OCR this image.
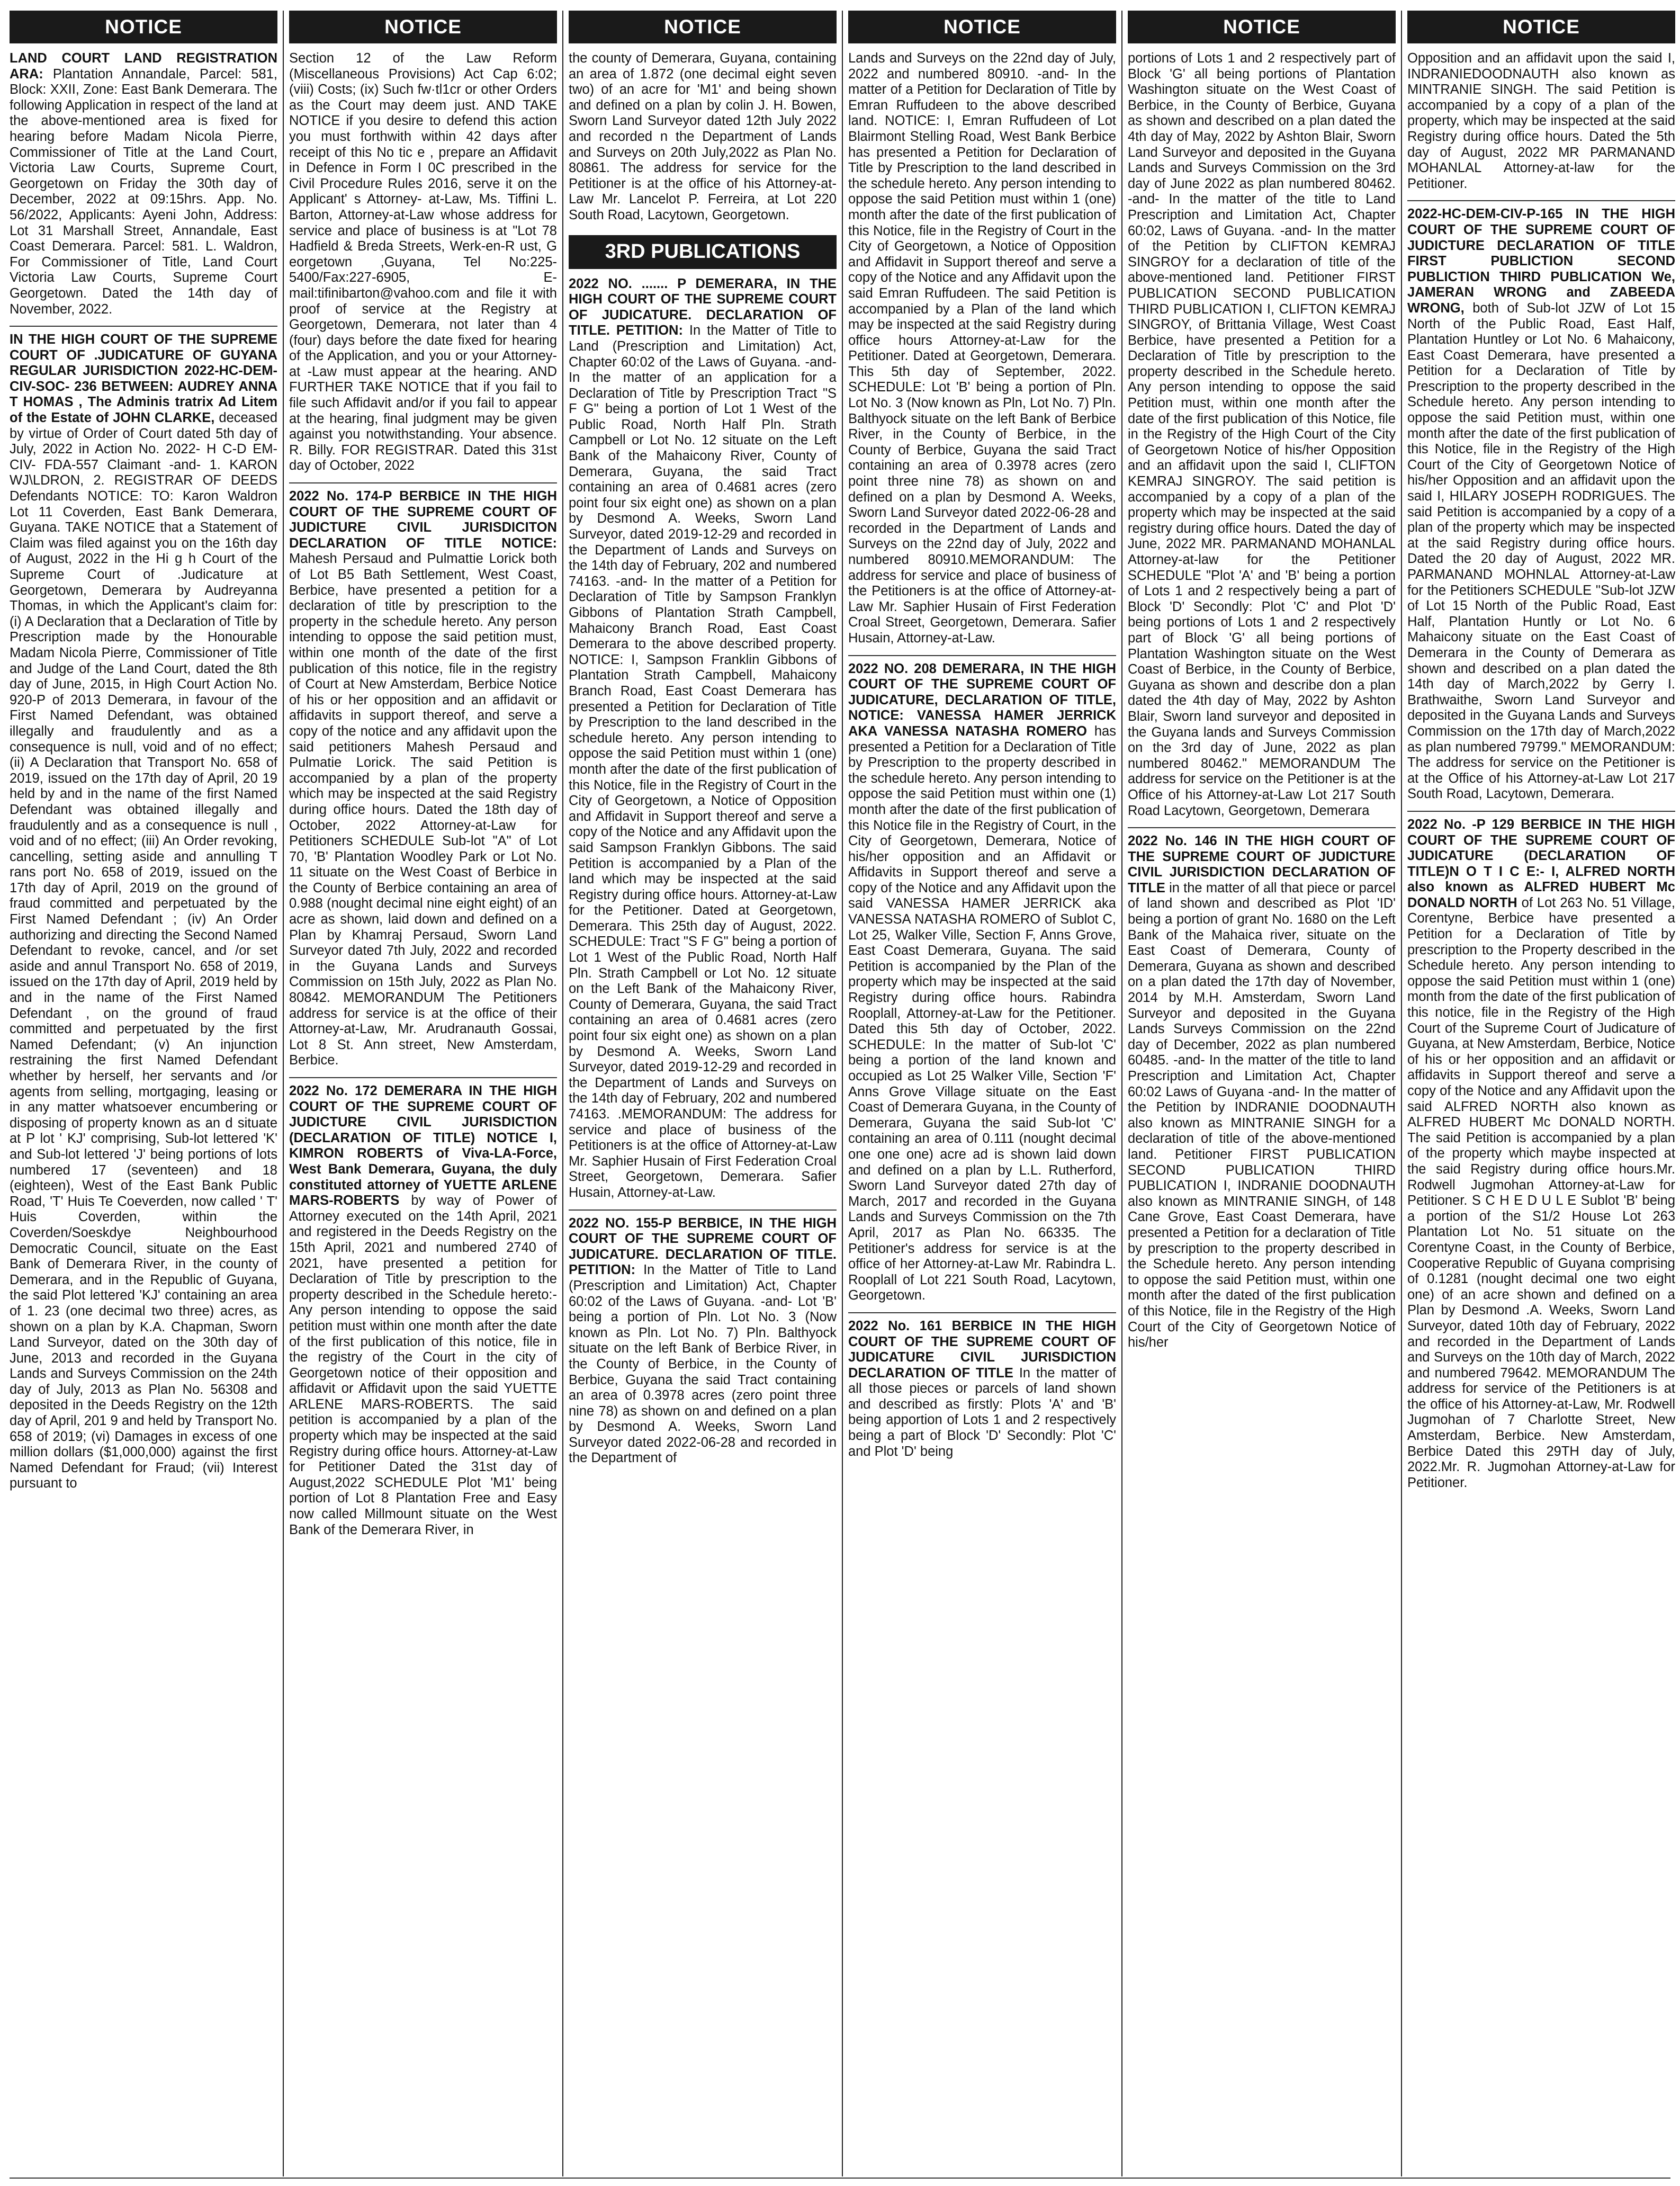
NOTICE

LAND COURT LAND REGISTRATION ARA: Plantation Annandale, Parcel: 581, Block: XXII, Zone: East Bank Demerara. The following Application in respect of the land at the above-mentioned area is fixed for hearing before Madam Nicola Pierre, Commissioner of Title at the Land Court, Victoria Law Courts, Supreme Court, Georgetown on Friday the 30th day of December, 2022 at 09:15hrs. App. No. 56/2022, Applicants: Ayeni John, Address: Lot 31 Marshall Street, Annandale, East Coast Demerara. Parcel: 581. L. Waldron, For Commissioner of Title, Land Court Victoria Law Courts, Supreme Court Georgetown. Dated the 14th day of November, 2022.

IN THE HIGH COURT OF THE SUPREME COURT OF .JUDICATURE OF GUYANA REGULAR JURISDICTION 2022-HC-DEM-CIV-SOC- 236 BETWEEN: AUDREY ANNA T HOMAS , The Adminis tratrix Ad Litem of the Estate of JOHN CLARKE, deceased by virtue of Order of Court dated 5th day of July, 2022 in Action No. 2022- H C-D EM-CIV- FDA-557 Claimant -and- 1. KARON WJ\LDRON, 2. REGISTRAR OF DEEDS Defendants NOTICE: TO: Karon Waldron Lot 11 Coverden, East Bank Demerara, Guyana. TAKE NOTICE that a Statement of Claim was filed against you on the 16th day of August, 2022 in the Hi g h Court of the Supreme Court of .Judicature at Georgetown, Demerara by Audreyanna Thomas, in which the Applicant's claim for: (i) A Declaration that a Declaration of Title by Prescription made by the Honourable Madam Nicola Pierre, Commissioner of Title and Judge of the Land Court, dated the 8th day of June, 2015, in High Court Action No. 920-P of 2013 Demerara, in favour of the First Named Defendant, was obtained illegally and fraudulently and as a consequence is null, void and of no effect; (ii) A Declaration that Transport No. 658 of 2019, issued on the 17th day of April, 20 19 held by and in the name of the first Named Defendant was obtained illegally and fraudulently and as a consequence is null , void and of no effect; (iii) An Order revoking, cancelling, setting aside and annulling T rans port No. 658 of 2019, issued on the 17th day of April, 2019 on the ground of fraud committed and perpetuated by the First Named Defendant ; (iv) An Order authorizing and directing the Second Named Defendant to revoke, cancel, and /or set aside and annul Transport No. 658 of 2019, issued on the 17th day of April, 2019 held by and in the name of the First Named Defendant , on the ground of fraud committed and perpetuated by the first Named Defendant; (v) An injunction restraining the first Named Defendant whether by herself, her servants and /or agents from selling, mortgaging, leasing or in any matter whatsoever encumbering or disposing of property known as an d situate at P lot ' KJ' comprising, Sub-lot lettered 'K' and Sub-lot lettered 'J' being portions of lots numbered 17 (seventeen) and 18 (eighteen), West of the East Bank Public Road, 'T' Huis Te Coeverden, now called ' T' Huis Coverden, within the Coverden/Soeskdye Neighbourhood Democratic Council, situate on the East Bank of Demerara River, in the county of Demerara, and in the Republic of Guyana, the said Plot lettered 'KJ' containing an area of 1. 23 (one decimal two three) acres, as shown on a plan by K.A. Chapman, Sworn Land Surveyor, dated on the 30th day of June, 2013 and recorded in the Guyana Lands and Surveys Commission on the 24th day of July, 2013 as Plan No. 56308 and deposited in the Deeds Registry on the 12th day of April, 201 9 and held by Transport No. 658 of 2019; (vi) Damages in excess of one million dollars ($1,000,000) against the first Named Defendant for Fraud; (vii) Interest pursuant to

NOTICE

Section 12 of the Law Reform (Miscellaneous Provisions) Act Cap 6:02; (viii) Costs; (ix) Such fw·tl1cr or other Orders as the Court may deem just. AND TAKE NOTICE if you desire to defend this action you must forthwith within 42 days after receipt of this No tic e , prepare an Affidavit in Defence in Form I 0C prescribed in the Civil Procedure Rules 2016, serve it on the Applicant' s Attorney- at-Law, Ms. Tiffini L. Barton, Attorney-at-Law whose address for service and place of business is at "Lot 78 Hadfield & Breda Streets, Werk-en-R ust, G eorgetown ,Guyana, Tel No:225-5400/Fax:227-6905, E-mail:tifinibarton@vahoo.com and file it with proof of service at the Registry at Georgetown, Demerara, not later than 4 (four) days before the date fixed for hearing of the Application, and you or your Attorney-at -Law must appear at the hearing. AND FURTHER TAKE NOTICE that if you fail to file such Affidavit and/or if you fail to appear at the hearing, final judgment may be given against you notwithstanding. Your absence. R. Billy. FOR REGISTRAR. Dated this 31st day of October, 2022

2022 No. 174-P BERBICE IN THE HIGH COURT OF THE SUPREME COURT OF JUDICTURE CIVIL JURISDICITON DECLARATION OF TITLE NOTICE: Mahesh Persaud and Pulmattie Lorick both of Lot B5 Bath Settlement, West Coast, Berbice, have presented a petition for a declaration of title by prescription to the property in the schedule hereto. Any person intending to oppose the said petition must, within one month of the date of the first publication of this notice, file in the registry of Court at New Amsterdam, Berbice Notice of his or her opposition and an affidavit or affidavits in support thereof, and serve a copy of the notice and any affidavit upon the said petitioners Mahesh Persaud and Pulmatie Lorick. The said Petition is accompanied by a plan of the property which may be inspected at the said Registry during office hours. Dated the 18th day of October, 2022 Attorney-at-Law for Petitioners SCHEDULE Sub-lot "A" of Lot 70, 'B' Plantation Woodley Park or Lot No. 11 situate on the West Coast of Berbice in the County of Berbice containing an area of 0.988 (nought decimal nine eight eight) of an acre as shown, laid down and defined on a Plan by Khamraj Persaud, Sworn Land Surveyor dated 7th July, 2022 and recorded in the Guyana Lands and Surveys Commission on 15th July, 2022 as Plan No. 80842. MEMORANDUM The Petitioners address for service is at the office of their Attorney-at-Law, Mr. Arudranauth Gossai, Lot 8 St. Ann street, New Amsterdam, Berbice.

2022 No. 172 DEMERARA IN THE HIGH COURT OF THE SUPREME COURT OF JUDICTURE CIVIL JURISDICTION (DECLARATION OF TITLE) NOTICE I, KIMRON ROBERTS of Viva-LA-Force, West Bank Demerara, Guyana, the duly constituted attorney of YUETTE ARLENE MARS-ROBERTS by way of Power of Attorney executed on the 14th April, 2021 and registered in the Deeds Registry on the 15th April, 2021 and numbered 2740 of 2021, have presented a petition for Declaration of Title by prescription to the property described in the Schedule hereto:- Any person intending to oppose the said petition must within one month after the date of the first publication of this notice, file in the registry of the Court in the city of Georgetown notice of their opposition and affidavit or Affidavit upon the said YUETTE ARLENE MARS-ROBERTS. The said petition is accompanied by a plan of the property which may be inspected at the said Registry during office hours. Attorney-at-Law for Petitioner Dated the 31st day of August,2022 SCHEDULE Plot 'M1' being portion of Lot 8 Plantation Free and Easy now called Millmount situate on the West Bank of the Demerara River, in

NOTICE

the county of Demerara, Guyana, containing an area of 1.872 (one decimal eight seven two) of an acre for 'M1' and being shown and defined on a plan by colin J. H. Bowen, Sworn Land Surveyor dated 12th July 2022 and recorded n the Department of Lands and Surveys on 20th July,2022 as Plan No. 80861. The address for service for the Petitioner is at the office of his Attorney-at-Law Mr. Lancelot P. Ferreira, at Lot 220 South Road, Lacytown, Georgetown.

3RD PUBLICATIONS

2022 NO. ....... P DEMERARA, IN THE HIGH COURT OF THE SUPREME COURT OF JUDICATURE. DECLARATION OF TITLE. PETITION: In the Matter of Title to Land (Prescription and Limitation) Act, Chapter 60:02 of the Laws of Guyana. -and- In the matter of an application for a Declaration of Title by Prescription Tract "S F G" being a portion of Lot 1 West of the Public Road, North Half Pln. Strath Campbell or Lot No. 12 situate on the Left Bank of the Mahaicony River, County of Demerara, Guyana, the said Tract containing an area of 0.4681 acres (zero point four six eight one) as shown on a plan by Desmond A. Weeks, Sworn Land Surveyor, dated 2019-12-29 and recorded in the Department of Lands and Surveys on the 14th day of February, 202 and numbered 74163. -and- In the matter of a Petition for Declaration of Title by Sampson Franklyn Gibbons of Plantation Strath Campbell, Mahaicony Branch Road, East Coast Demerara to the above described property. NOTICE: I, Sampson Franklin Gibbons of Plantation Strath Campbell, Mahaicony Branch Road, East Coast Demerara has presented a Petition for Declaration of Title by Prescription to the land described in the schedule hereto. Any person intending to oppose the said Petition must within 1 (one) month after the date of the first publication of this Notice, file in the Registry of Court in the City of Georgetown, a Notice of Opposition and Affidavit in Support thereof and serve a copy of the Notice and any Affidavit upon the said Sampson Franklyn Gibbons. The said Petition is accompanied by a Plan of the land which may be inspected at the said Registry during office hours. Attorney-at-Law for the Petitioner. Dated at Georgetown, Demerara. This 25th day of August, 2022. SCHEDULE: Tract "S F G" being a portion of Lot 1 West of the Public Road, North Half Pln. Strath Campbell or Lot No. 12 situate on the Left Bank of the Mahaicony River, County of Demerara, Guyana, the said Tract containing an area of 0.4681 acres (zero point four six eight one) as shown on a plan by Desmond A. Weeks, Sworn Land Surveyor, dated 2019-12-29 and recorded in the Department of Lands and Surveys on the 14th day of February, 202 and numbered 74163. .MEMORANDUM: The address for service and place of business of the Petitioners is at the office of Attorney-at-Law Mr. Saphier Husain of First Federation Croal Street, Georgetown, Demerara. Safier Husain, Attorney-at-Law.

2022 NO. 155-P BERBICE, IN THE HIGH COURT OF THE SUPREME COURT OF JUDICATURE. DECLARATION OF TITLE. PETITION: In the Matter of Title to Land (Prescription and Limitation) Act, Chapter 60:02 of the Laws of Guyana. -and- Lot 'B' being a portion of Pln. Lot No. 3 (Now known as Pln. Lot No. 7) Pln. Balthyock situate on the left Bank of Berbice River, in the County of Berbice, in the County of Berbice, Guyana the said Tract containing an area of 0.3978 acres (zero point three nine 78) as shown on and defined on a plan by Desmond A. Weeks, Sworn Land Surveyor dated 2022-06-28 and recorded in the Department of

NOTICE

Lands and Surveys on the 22nd day of July, 2022 and numbered 80910. -and- In the matter of a Petition for Declaration of Title by Emran Ruffudeen to the above described land. NOTICE: I, Emran Ruffudeen of Lot Blairmont Stelling Road, West Bank Berbice has presented a Petition for Declaration of Title by Prescription to the land described in the schedule hereto. Any person intending to oppose the said Petition must within 1 (one) month after the date of the first publication of this Notice, file in the Registry of Court in the City of Georgetown, a Notice of Opposition and Affidavit in Support thereof and serve a copy of the Notice and any Affidavit upon the said Emran Ruffudeen. The said Petition is accompanied by a Plan of the land which may be inspected at the said Registry during office hours Attorney-at-Law for the Petitioner. Dated at Georgetown, Demerara. This 5th day of September, 2022. SCHEDULE: Lot 'B' being a portion of Pln. Lot No. 3 (Now known as Pln, Lot No. 7) Pln. Balthyock situate on the left Bank of Berbice River, in the County of Berbice, in the County of Berbice, Guyana the said Tract containing an area of 0.3978 acres (zero point three nine 78) as shown on and defined on a plan by Desmond A. Weeks, Sworn Land Surveyor dated 2022-06-28 and recorded in the Department of Lands and Surveys on the 22nd day of July, 2022 and numbered 80910.MEMORANDUM: The address for service and place of business of the Petitioners is at the office of Attorney-at-Law Mr. Saphier Husain of First Federation Croal Street, Georgetown, Demerara. Safier Husain, Attorney-at-Law.

2022 NO. 208 DEMERARA, IN THE HIGH COURT OF THE SUPREME COURT OF JUDICATURE, DECLARATION OF TITLE, NOTICE: VANESSA HAMER JERRICK AKA VANESSA NATASHA ROMERO has presented a Petition for a Declaration of Title by Prescription to the property described in the schedule hereto. Any person intending to oppose the said Petition must within one (1) month after the date of the first publication of this Notice file in the Registry of Court, in the City of Georgetown, Demerara, Notice of his/her opposition and an Affidavit or Affidavits in Support thereof and serve a copy of the Notice and any Affidavit upon the said VANESSA HAMER JERRICK aka VANESSA NATASHA ROMERO of Sublot C, Lot 25, Walker Ville, Section F, Anns Grove, East Coast Demerara, Guyana. The said Petition is accompanied by the Plan of the property which may be inspected at the said Registry during office hours. Rabindra Rooplall, Attorney-at-Law for the Petitioner. Dated this 5th day of October, 2022. SCHEDULE: In the matter of Sub-lot 'C' being a portion of the land known and occupied as Lot 25 Walker Ville, Section 'F' Anns Grove Village situate on the East Coast of Demerara Guyana, in the County of Demerara, Guyana the said Sub-lot 'C' containing an area of 0.111 (nought decimal one one one) acre ad is shown laid down and defined on a plan by L.L. Rutherford, Sworn Land Surveyor dated 27th day of March, 2017 and recorded in the Guyana Lands and Surveys Commission on the 7th April, 2017 as Plan No. 66335. The Petitioner's address for service is at the office of her Attorney-at-Law Mr. Rabindra L. Rooplall of Lot 221 South Road, Lacytown, Georgetown.

2022 No. 161 BERBICE IN THE HIGH COURT OF THE SUPREME COURT OF JUDICATURE CIVIL JURISDICTION DECLARATION OF TITLE In the matter of all those pieces or parcels of land shown and described as firstly: Plots 'A' and 'B' being apportion of Lots 1 and 2 respectively being a part of Block 'D' Secondly: Plot 'C' and Plot 'D' being

NOTICE

portions of Lots 1 and 2 respectively part of Block 'G' all being portions of Plantation Washington situate on the West Coast of Berbice, in the County of Berbice, Guyana as shown and described on a plan dated the 4th day of May, 2022 by Ashton Blair, Sworn Land Surveyor and deposited in the Guyana Lands and Surveys Commission on the 3rd day of June 2022 as plan numbered 80462. -and- In the matter of the title to Land Prescription and Limitation Act, Chapter 60:02, Laws of Guyana. -and- In the matter of the Petition by CLIFTON KEMRAJ SINGROY for a declaration of title of the above-mentioned land. Petitioner FIRST PUBLICATION SECOND PUBLICATION THIRD PUBLICATION I, CLIFTON KEMRAJ SINGROY, of Brittania Village, West Coast Berbice, have presented a Petition for a Declaration of Title by prescription to the property described in the Schedule hereto. Any person intending to oppose the said Petition must, within one month after the date of the first publication of this Notice, file in the Registry of the High Court of the City of Georgetown Notice of his/her Opposition and an affidavit upon the said I, CLIFTON KEMRAJ SINGROY. The said petition is accompanied by a copy of a plan of the property which may be inspected at the said registry during office hours. Dated the day of June, 2022 MR. PARMANAND MOHANLAL Attorney-at-law for the Petitioner SCHEDULE "Plot 'A' and 'B' being a portion of Lots 1 and 2 respectively being a part of Block 'D' Secondly: Plot 'C' and Plot 'D' being portions of Lots 1 and 2 respectively part of Block 'G' all being portions of Plantation Washington situate on the West Coast of Berbice, in the County of Berbice, Guyana as shown and describe don a plan dated the 4th day of May, 2022 by Ashton Blair, Sworn land surveyor and deposited in the Guyana lands and Surveys Commission on the 3rd day of June, 2022 as plan numbered 80462." MEMORANDUM The address for service on the Petitioner is at the Office of his Attorney-at-Law Lot 217 South Road Lacytown, Georgetown, Demerara

2022 No. 146 IN THE HIGH COURT OF THE SUPREME COURT OF JUDICTURE CIVIL JURISDICTION DECLARATION OF TITLE in the matter of all that piece or parcel of land shown and described as Plot 'ID' being a portion of grant No. 1680 on the Left Bank of the Mahaica river, situate on the East Coast of Demerara, County of Demerara, Guyana as shown and described on a plan dated the 17th day of November, 2014 by M.H. Amsterdam, Sworn Land Surveyor and deposited in the Guyana Lands Surveys Commission on the 22nd day of December, 2022 as plan numbered 60485. -and- In the matter of the title to land Prescription and Limitation Act, Chapter 60:02 Laws of Guyana -and- In the matter of the Petition by INDRANIE DOODNAUTH also known as MINTRANIE SINGH for a declaration of title of the above-mentioned land. Petitioner FIRST PUBLICATION SECOND PUBLICATION THIRD PUBLICATION I, INDRANIE DOODNAUTH also known as MINTRANIE SINGH, of 148 Cane Grove, East Coast Demerara, have presented a Petition for a declaration of Title by prescription to the property described in the Schedule hereto. Any person intending to oppose the said Petition must, within one month after the dated of the first publication of this Notice, file in the Registry of the High Court of the City of Georgetown Notice of his/her

NOTICE

Opposition and an affidavit upon the said I, INDRANIEDOODNAUTH also known as MINTRANIE SINGH. The said Petition is accompanied by a copy of a plan of the property, which may be inspected at the said Registry during office hours. Dated the 5th day of August, 2022 MR PARMANAND MOHANLAL Attorney-at-law for the Petitioner.

2022-HC-DEM-CIV-P-165 IN THE HIGH COURT OF THE SUPREME COURT OF JUDICTURE DECLARATION OF TITLE FIRST PUBLICTION SECOND PUBLICTION THIRD PUBLICATION We, JAMERAN WRONG and ZABEEDA WRONG, both of Sub-lot JZW of Lot 15 North of the Public Road, East Half, Plantation Huntley or Lot No. 6 Mahaicony, East Coast Demerara, have presented a Petition for a Declaration of Title by Prescription to the property described in the Schedule hereto. Any person intending to oppose the said Petition must, within one month after the date of the first publication of this Notice, file in the Registry of the High Court of the City of Georgetown Notice of his/her Opposition and an affidavit upon the said I, HILARY JOSEPH RODRIGUES. The said Petition is accompanied by a copy of a plan of the property which may be inspected at the said Registry during office hours. Dated the 20 day of August, 2022 MR. PARMANAND MOHNLAL Attorney-at-Law for the Petitioners SCHEDULE "Sub-lot JZW of Lot 15 North of the Public Road, East Half, Plantation Huntly or Lot No. 6 Mahaicony situate on the East Coast of Demerara in the County of Demerara as shown and described on a plan dated the 14th day of March,2022 by Gerry I. Brathwaithe, Sworn Land Surveyor and deposited in the Guyana Lands and Surveys Commission on the 17th day of March,2022 as plan numbered 79799." MEMORANDUM: The address for service on the Petitioner is at the Office of his Attorney-at-Law Lot 217 South Road, Lacytown, Demerara.

2022 No. -P 129 BERBICE IN THE HIGH COURT OF THE SUPREME COURT OF JUDICATURE (DECLARATION OF TITLE)N O T I C E:- I, ALFRED NORTH also known as ALFRED HUBERT Mc DONALD NORTH of Lot 263 No. 51 Village, Corentyne, Berbice have presented a Petition for a Declaration of Title by prescription to the Property described in the Schedule hereto. Any person intending to oppose the said Petition must within 1 (one) month from the date of the first publication of this notice, file in the Registry of the High Court of the Supreme Court of Judicature of Guyana, at New Amsterdam, Berbice, Notice of his or her opposition and an affidavit or affidavits in Support thereof and serve a copy of the Notice and any Affidavit upon the said ALFRED NORTH also known as ALFRED HUBERT Mc DONALD NORTH. The said Petition is accompanied by a plan of the property which maybe inspected at the said Registry during office hours.Mr. Rodwell Jugmohan Attorney-at-Law for Petitioner. S C H E D U L E Sublot 'B' being a portion of the S1/2 House Lot 263 Plantation Lot No. 51 situate on the Corentyne Coast, in the County of Berbice, Cooperative Republic of Guyana comprising of 0.1281 (nought decimal one two eight one) of an acre shown and defined on a Plan by Desmond .A. Weeks, Sworn Land Surveyor, dated 10th day of February, 2022 and recorded in the Department of Lands and Surveys on the 10th day of March, 2022 and numbered 79642. MEMORANDUM The address for service of the Petitioners is at the office of his Attorney-at-Law, Mr. Rodwell Jugmohan of 7 Charlotte Street, New Amsterdam, Berbice. New Amsterdam, Berbice Dated this 29TH day of July, 2022.Mr. R. Jugmohan Attorney-at-Law for Petitioner.
